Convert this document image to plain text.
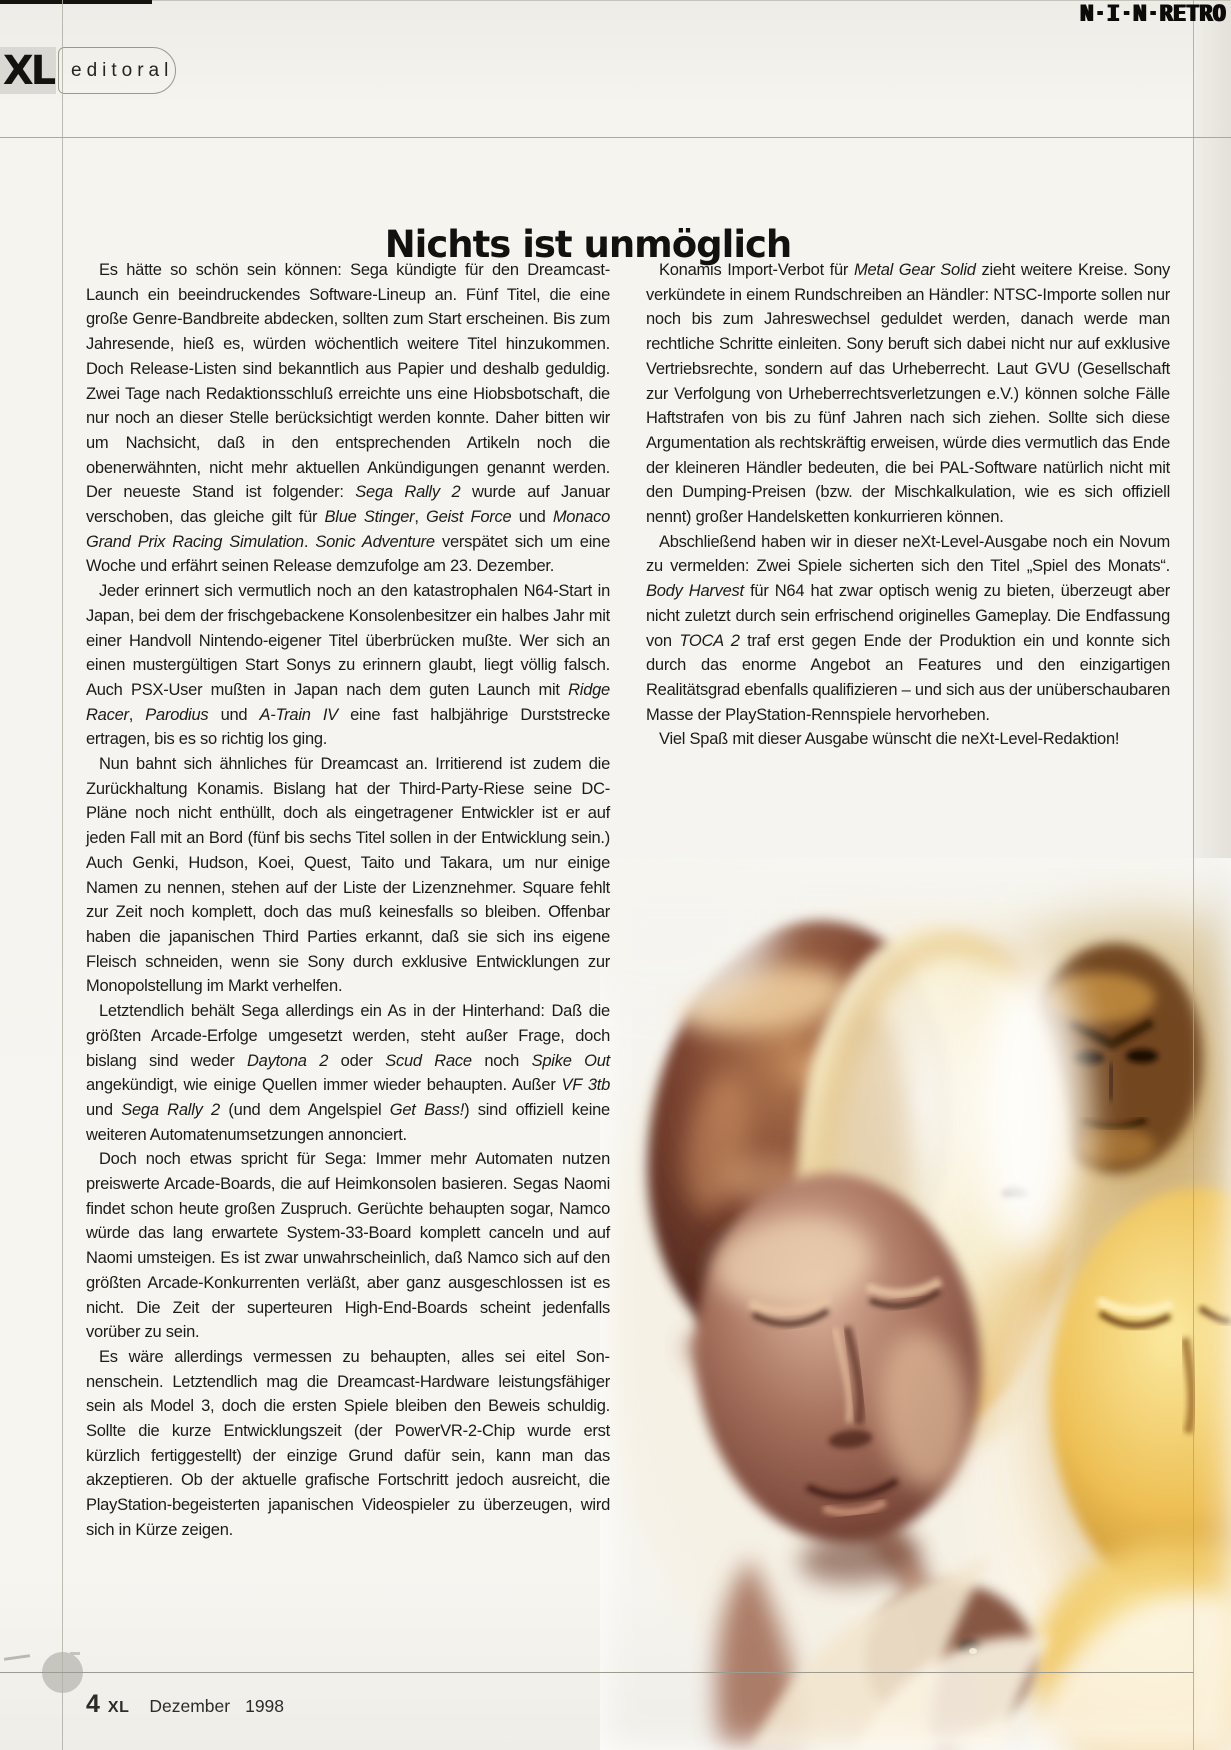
XL editoral
N·I·N·RETRO
Nichts ist unmöglich

Es hätte so schön sein können: Sega kündigte für den Dreamcast-Launch ein beeindruckendes Software-Lineup an. Fünf Titel, die eine große Genre-Bandbreite abdecken, sollten zum Start erscheinen. Bis zum Jahresende, hieß es, würden wöchentlich weitere Titel hinzukommen. Doch Release-Listen sind bekanntlich aus Papier und deshalb geduldig. Zwei Tage nach Redaktionsschluß erreichte uns eine Hiobsbotschaft, die nur noch an dieser Stelle berücksichtigt werden konnte. Daher bitten wir um Nachsicht, daß in den entsprechenden Artikeln noch die obenerwähnten, nicht mehr aktuellen Ankündigungen genannt werden. Der neueste Stand ist folgender: Sega Rally 2 wurde auf Januar verschoben, das gleiche gilt für Blue Stinger, Geist Force und Monaco Grand Prix Racing Simulation. Sonic Adventure verspätet sich um eine Woche und erfährt seinen Release demzufolge am 23. Dezember.

Jeder erinnert sich vermutlich noch an den katastrophalen N64-Start in Japan, bei dem der frischgebackene Konsolenbesitzer ein halbes Jahr mit einer Handvoll Nintendo-eigener Titel überbrücken mußte. Wer sich an einen mustergültigen Start Sonys zu erinnern glaubt, liegt völlig falsch. Auch PSX-User mußten in Japan nach dem guten Launch mit Ridge Racer, Parodius und A-Train IV eine fast halbjährige Durststrecke ertragen, bis es so richtig los ging.

Nun bahnt sich ähnliches für Dreamcast an. Irritierend ist zudem die Zurückhaltung Konamis. Bislang hat der Third-Party-Riese seine DC-Pläne noch nicht enthüllt, doch als eingetragener Entwickler ist er auf jeden Fall mit an Bord (fünf bis sechs Titel sollen in der Entwicklung sein.) Auch Genki, Hudson, Koei, Quest, Taito und Takara, um nur einige Namen zu nennen, stehen auf der Liste der Lizenznehmer. Square fehlt zur Zeit noch komplett, doch das muß keinesfalls so bleiben. Offenbar haben die japanischen Third Parties erkannt, daß sie sich ins eigene Fleisch schneiden, wenn sie Sony durch exklusive Entwicklungen zur Monopolstellung im Markt verhelfen.

Letztendlich behält Sega allerdings ein As in der Hinterhand: Daß die größten Arcade-Erfolge umgesetzt werden, steht außer Frage, doch bislang sind weder Daytona 2 oder Scud Race noch Spike Out angekündigt, wie einige Quellen immer wieder behaupten. Außer VF 3tb und Sega Rally 2 (und dem Angelspiel Get Bass!) sind offiziell keine weiteren Automatenumsetzungen annonciert.

Doch noch etwas spricht für Sega: Immer mehr Automaten nutzen preiswerte Arcade-Boards, die auf Heimkonsolen basieren. Segas Naomi findet schon heute großen Zuspruch. Gerüchte behaupten sogar, Namco würde das lang erwartete System-33-Board komplett canceln und auf Naomi umsteigen. Es ist zwar unwahrscheinlich, daß Namco sich auf den größten Arcade-Konkurrenten verläßt, aber ganz ausgeschlossen ist es nicht. Die Zeit der superteuren High-End-Boards scheint jedenfalls vorüber zu sein.

Es wäre allerdings vermessen zu behaupten, alles sei eitel Sonnenschein. Letztendlich mag die Dreamcast-Hardware leistungsfähiger sein als Model 3, doch die ersten Spiele bleiben den Beweis schuldig. Sollte die kurze Entwicklungszeit (der PowerVR-2-Chip wurde erst kürzlich fertiggestellt) der einzige Grund dafür sein, kann man das akzeptieren. Ob der aktuelle grafische Fortschritt jedoch ausreicht, die PlayStation-begeisterten japanischen Videospieler zu überzeugen, wird sich in Kürze zeigen.

Konamis Import-Verbot für Metal Gear Solid zieht weitere Kreise. Sony verkündete in einem Rundschreiben an Händler: NTSC-Importe sollen nur noch bis zum Jahreswechsel geduldet werden, danach werde man rechtliche Schritte einleiten. Sony beruft sich dabei nicht nur auf exklusive Vertriebsrechte, sondern auf das Urheberrecht. Laut GVU (Gesellschaft zur Verfolgung von Urheberrechtsverletzungen e.V.) können solche Fälle Haftstrafen von bis zu fünf Jahren nach sich ziehen. Sollte sich diese Argumentation als rechtskräftig erweisen, würde dies vermutlich das Ende der kleineren Händler bedeuten, die bei PAL-Software natürlich nicht mit den Dumping-Preisen (bzw. der Mischkalkulation, wie es sich offiziell nennt) großer Handelsketten konkurrieren können.

Abschließend haben wir in dieser neXt-Level-Ausgabe noch ein Novum zu vermelden: Zwei Spiele sicherten sich den Titel „Spiel des Monats“. Body Harvest für N64 hat zwar optisch wenig zu bieten, überzeugt aber nicht zuletzt durch sein erfrischend originelles Gameplay. Die Endfassung von TOCA 2 traf erst gegen Ende der Produktion ein und konnte sich durch das enorme Angebot an Features und den einzigartigen Realitätsgrad ebenfalls qualifizieren – und sich aus der unüberschaubaren Masse der PlayStation-Rennspiele hervorheben.

Viel Spaß mit dieser Ausgabe wünscht die neXt-Level-Redaktion!

4 XL Dezember 1998
